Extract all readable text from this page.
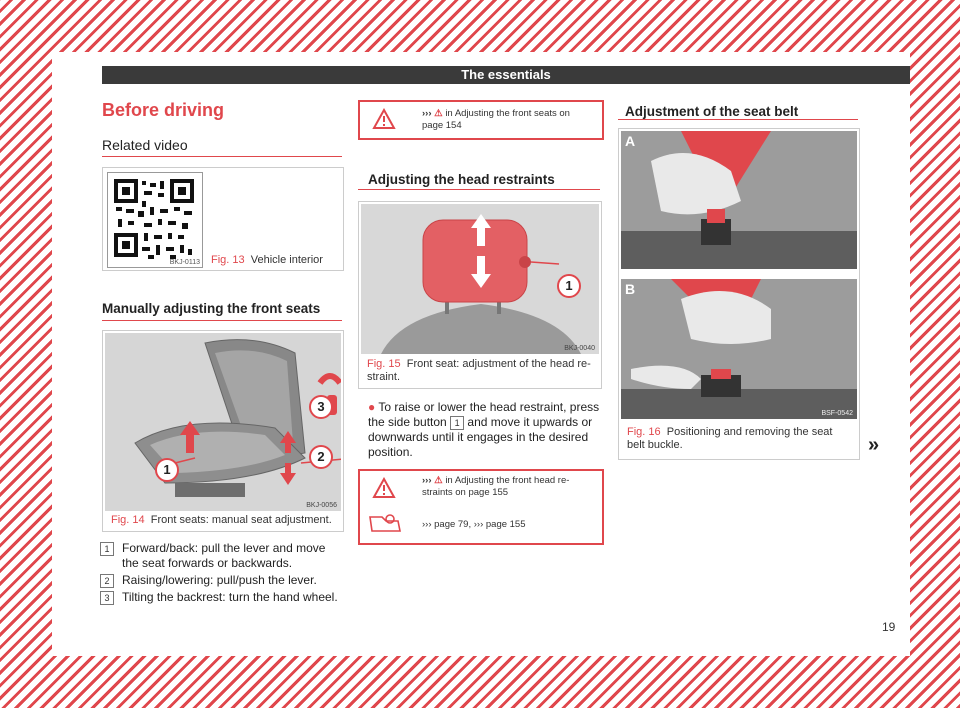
The essentials
Before driving
Related video
BKJ-0113 Fig. 13 Vehicle interior
Manually adjusting the front seats
1
2
3
BKJ-0056
Fig. 14 Front seats: manual seat adjustment.
1	Forward/back: pull the lever and move the seat forwards or backwards.
2	Raising/lowering: pull/push the lever.
3	Tilting the backrest: turn the hand wheel.
››› ⚠ in Adjusting the front seats on page 154
Adjusting the head restraints
1
BKJ-0040
Fig. 15 Front seat: adjustment of the head re-straint.
● To raise or lower the head restraint, press the side button 1 and move it upwards or downwards until it engages in the desired position.
››› ⚠ in Adjusting the front head re-straints on page 155
››› page 79, ››› page 155
Adjustment of the seat belt
A
B
BSF-0542
Fig. 16 Positioning and removing the seat belt buckle.	»
19
